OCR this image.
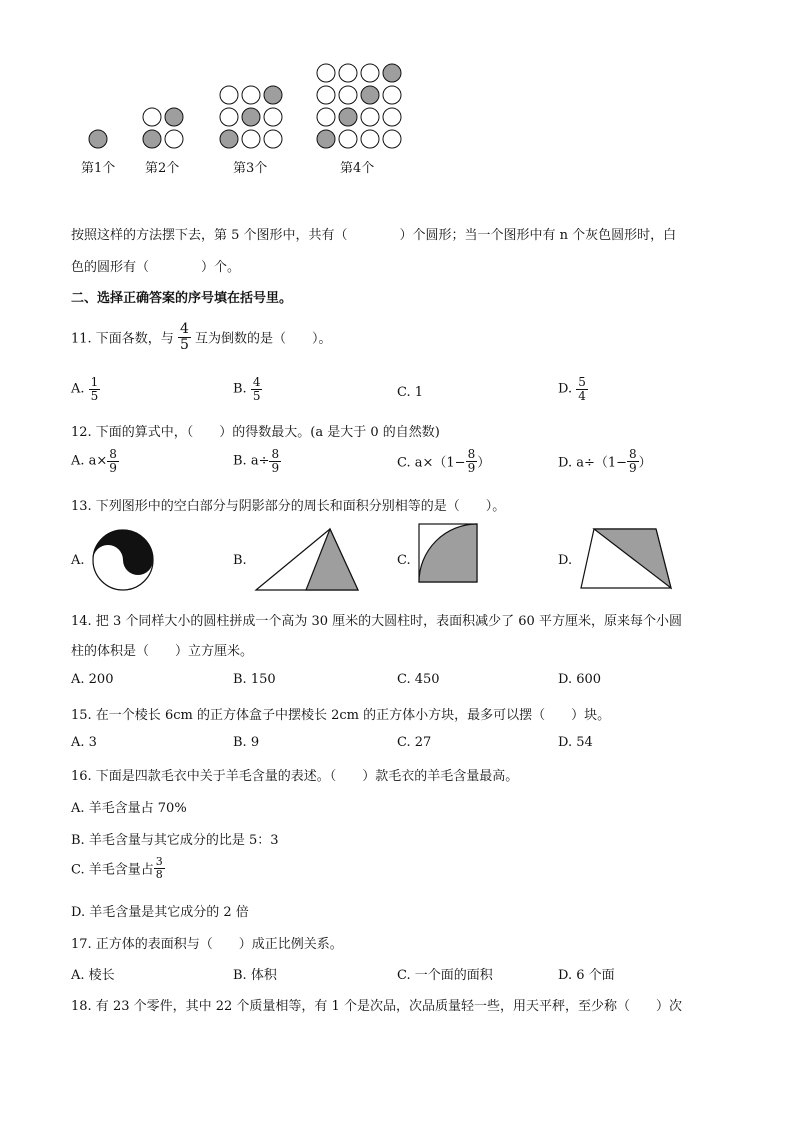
第1个 第2个	第3个	第4个
按照这样的方法摆下去，第 5 个图形中，共有（　　　　）个圆形；当一个图形中有 n 个灰色圆形时，白
色的圆形有（　　　　）个。
二、选择正确答案的序号填在括号里。
11. 下面各数，与 $\frac{4}{5}$ 互为倒数的是（　　）。
A. $\frac{1}{5}$	B. $\frac{4}{5}$	C. 1	D. $\frac{5}{4}$
12. 下面的算式中，（　　）的得数最大。(a 是大于 0 的自然数)
A. $a\times \frac{8}{9}$	B. $a\div \frac{8}{9}$	C. $a\times(1- \frac{8}{9}$ ）	D. $a\div(1- \frac{8}{9}$ ）
13. 下列图形中的空白部分与阴影部分的周长和面积分别相等的是（　　）。
A.	B.	C.	D.
14. 把 3 个同样大小的圆柱拼成一个高为 30 厘米的大圆柱时，表面积减少了 60 平方厘米，原来每个小圆
柱的体积是（　　）立方厘米。
A. 200	B. 150	C. 450	D. 600
15. 在一个棱长 6cm 的正方体盒子中摆棱长 2cm 的正方体小方块，最多可以摆（　　）块。
A. 3	B. 9	C. 27	D. 54
16. 下面是四款毛衣中关于羊毛含量的表述。（　　）款毛衣的羊毛含量最高。
A. 羊毛含量占 70%
B. 羊毛含量与其它成分的比是 5：3
C. 羊毛含量占 $\frac{3}{8}$
D. 羊毛含量是其它成分的 2 倍
17. 正方体的表面积与（　　）成正比例关系。
A. 棱长	B. 体积	C. 一个面的面积	D. 6 个面
18. 有 23 个零件，其中 22 个质量相等，有 1 个是次品，次品质量轻一些，用天平秤，至少称（　　）次
